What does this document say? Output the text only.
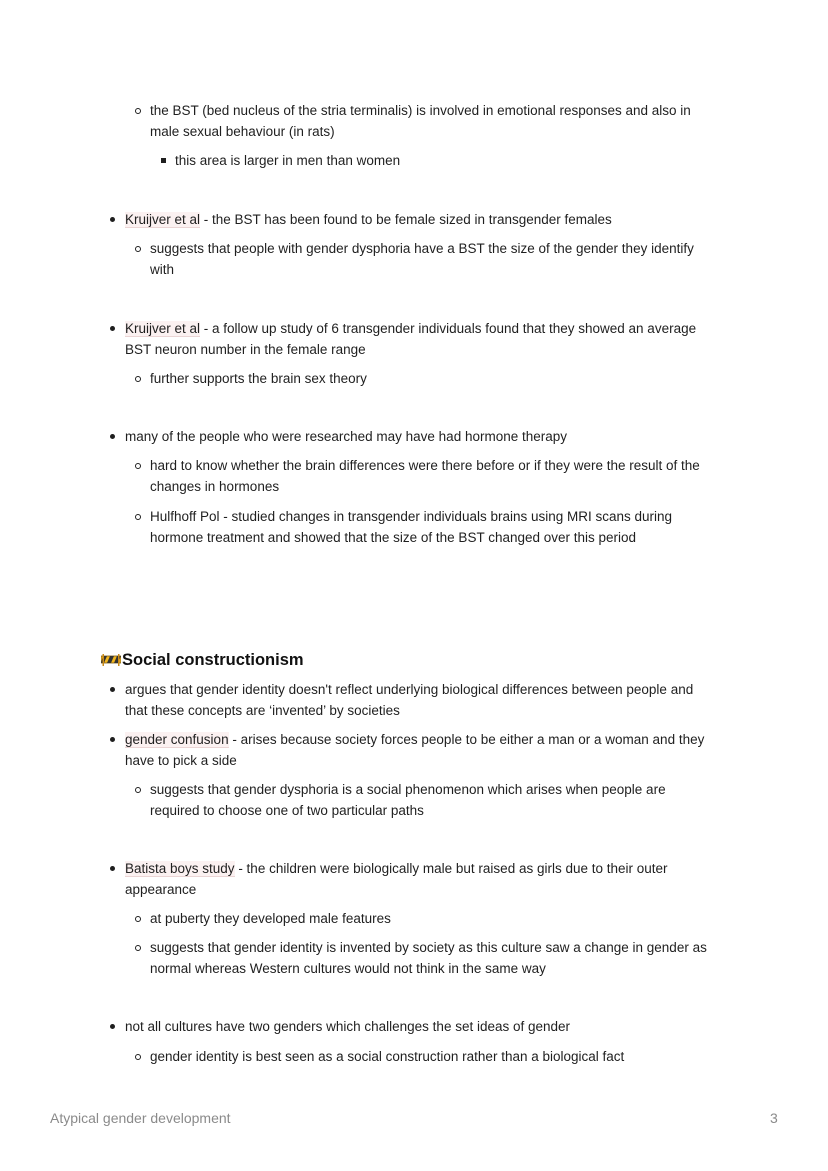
the BST (bed nucleus of the stria terminalis) is involved in emotional responses and also in
male sexual behaviour (in rats)
this area is larger in men than women
Kruijver et al - the BST has been found to be female sized in transgender females
suggests that people with gender dysphoria have a BST the size of the gender they identify
with
Kruijver et al - a follow up study of 6 transgender individuals found that they showed an average
BST neuron number in the female range
further supports the brain sex theory
many of the people who were researched may have had hormone therapy
hard to know whether the brain differences were there before or if they were the result of the
changes in hormones
Hulfhoff Pol - studied changes in transgender individuals brains using MRI scans during
hormone treatment and showed that the size of the BST changed over this period
Social constructionism
argues that gender identity doesn't reflect underlying biological differences between people and
that these concepts are ‘invented’ by societies
gender confusion - arises because society forces people to be either a man or a woman and they
have to pick a side
suggests that gender dysphoria is a social phenomenon which arises when people are
required to choose one of two particular paths
Batista boys study - the children were biologically male but raised as girls due to their outer
appearance
at puberty they developed male features
suggests that gender identity is invented by society as this culture saw a change in gender as
normal whereas Western cultures would not think in the same way
not all cultures have two genders which challenges the set ideas of gender
gender identity is best seen as a social construction rather than a biological fact
Atypical gender development	3
